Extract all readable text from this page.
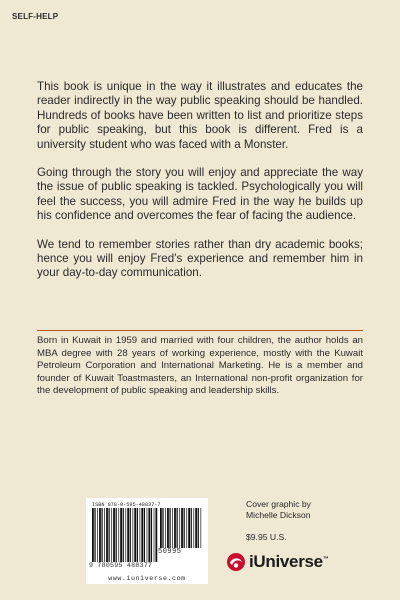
SELF-HELP

This book is unique in the way it illustrates and educates the reader indirectly in the way public speaking should be handled. Hundreds of books have been written to list and prioritize steps for public speaking, but this book is different. Fred is a university student who was faced with a Monster.

Going through the story you will enjoy and appreciate the way the issue of public speaking is tackled. Psychologically you will feel the success, you will admire Fred in the way he builds up his confidence and overcomes the fear of facing the audience.

We tend to remember stories rather than dry academic books; hence you will enjoy Fred’s experience and remember him in your day-to-day communication.

Born in Kuwait in 1959 and married with four children, the author holds an MBA degree with 28 years of working experience, mostly with the Kuwait Petroleum Corporation and International Marketing. He is a member and founder of Kuwait Toastmasters, an International non-profit organization for the development of public speaking and leadership skills.
ISBN 978-0-595-48837-7
50995
9 780595 488377
www.iuniverse.com
Cover graphic by
Michelle Dickson
$9.95 U.S.
iUniverse™
